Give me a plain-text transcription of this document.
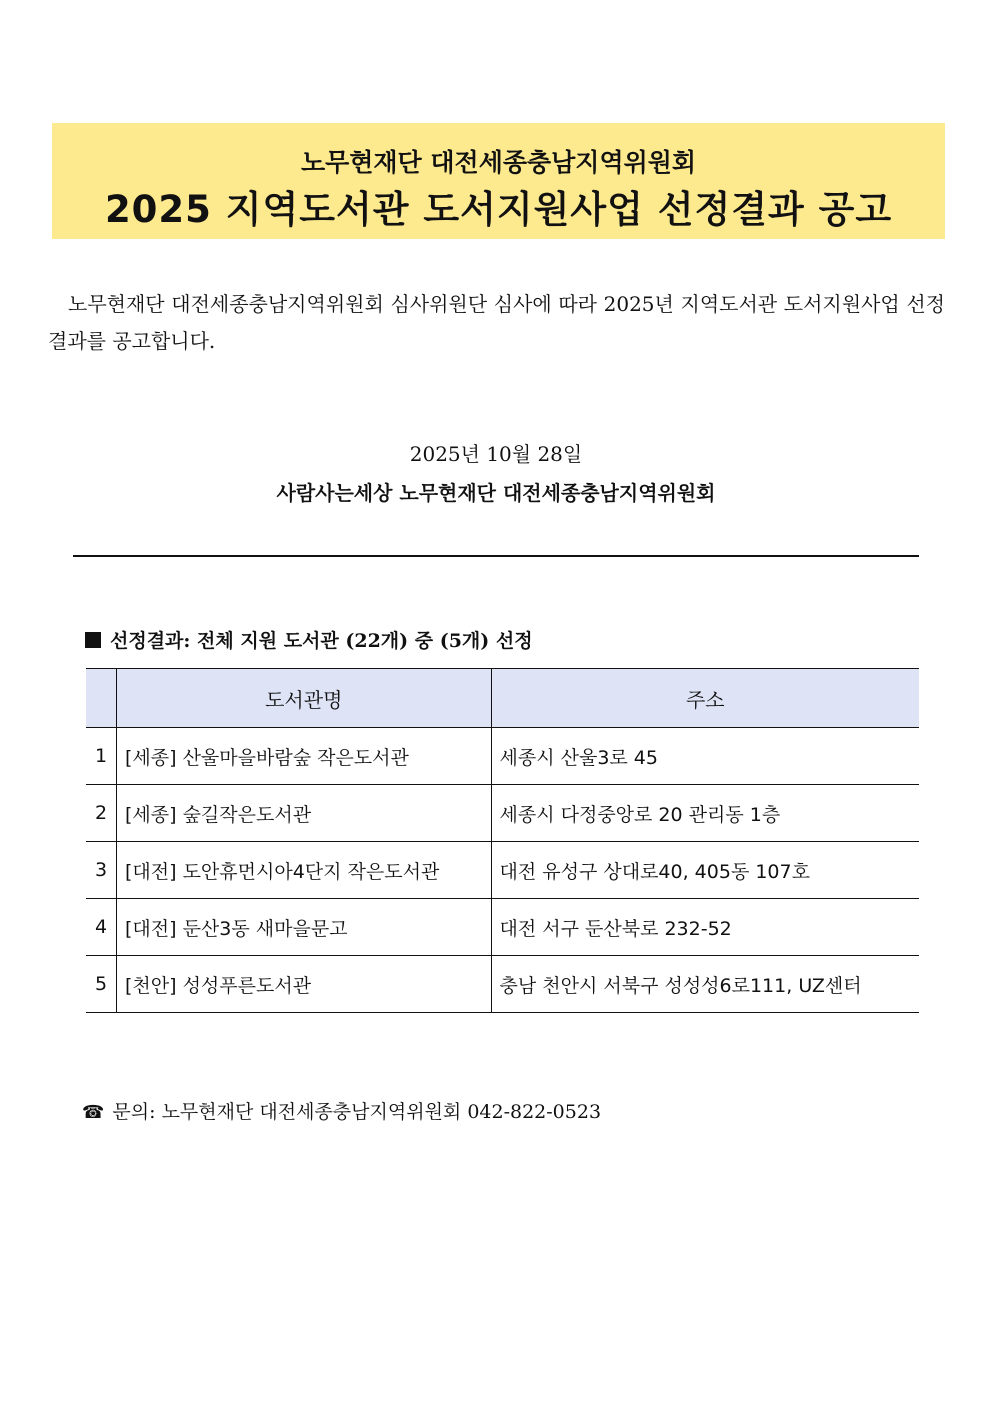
노무현재단 대전세종충남지역위원회
2025 지역도서관 도서지원사업 선정결과 공고
노무현재단 대전세종충남지역위원회 심사위원단 심사에 따라 2025년 지역도서관 도서지원사업 선정결과를 공고합니다.
2025년 10월 28일
사람사는세상 노무현재단 대전세종충남지역위원회
선정결과: 전체 지원 도서관 (22개) 중 (5개) 선정
	도서관명	주소
1	[세종] 산울마을바람숲 작은도서관	세종시 산울3로 45
2	[세종] 숲길작은도서관	세종시 다정중앙로 20 관리동 1층
3	[대전] 도안휴먼시아4단지 작은도서관	대전 유성구 상대로40, 405동 107호
4	[대전] 둔산3동 새마을문고	대전 서구 둔산북로 232-52
5	[천안] 성성푸른도서관	충남 천안시 서북구 성성성6로111, UZ센터
☎ 문의: 노무현재단 대전세종충남지역위원회 042-822-0523
